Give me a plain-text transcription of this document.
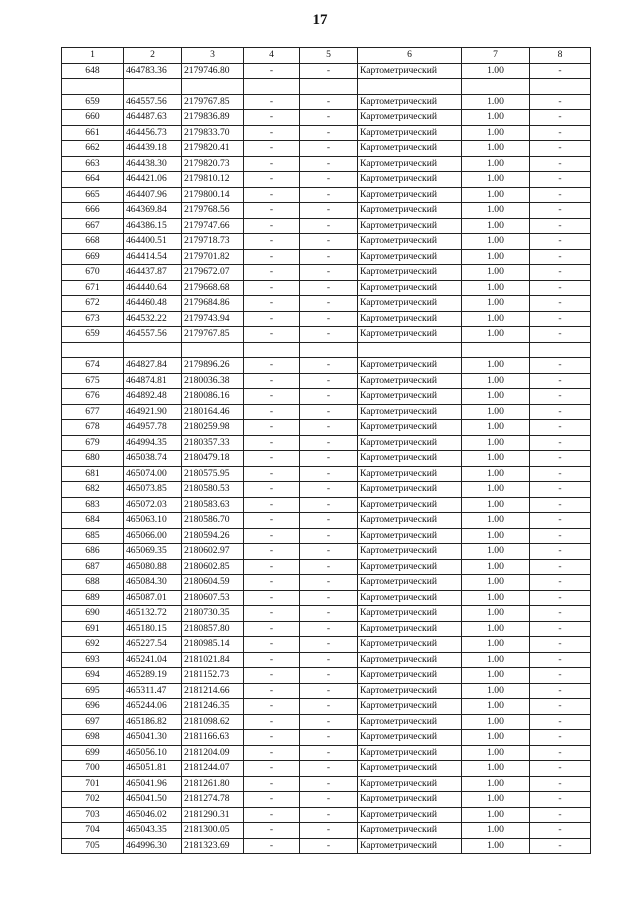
17
1	2	3	4	5	6	7	8
648	464783.36	2179746.80	-	-	Картометрический	1.00	-

659	464557.56	2179767.85	-	-	Картометрический	1.00	-
660	464487.63	2179836.89	-	-	Картометрический	1.00	-
661	464456.73	2179833.70	-	-	Картометрический	1.00	-
662	464439.18	2179820.41	-	-	Картометрический	1.00	-
663	464438.30	2179820.73	-	-	Картометрический	1.00	-
664	464421.06	2179810.12	-	-	Картометрический	1.00	-
665	464407.96	2179800.14	-	-	Картометрический	1.00	-
666	464369.84	2179768.56	-	-	Картометрический	1.00	-
667	464386.15	2179747.66	-	-	Картометрический	1.00	-
668	464400.51	2179718.73	-	-	Картометрический	1.00	-
669	464414.54	2179701.82	-	-	Картометрический	1.00	-
670	464437.87	2179672.07	-	-	Картометрический	1.00	-
671	464440.64	2179668.68	-	-	Картометрический	1.00	-
672	464460.48	2179684.86	-	-	Картометрический	1.00	-
673	464532.22	2179743.94	-	-	Картометрический	1.00	-
659	464557.56	2179767.85	-	-	Картометрический	1.00	-

674	464827.84	2179896.26	-	-	Картометрический	1.00	-
675	464874.81	2180036.38	-	-	Картометрический	1.00	-
676	464892.48	2180086.16	-	-	Картометрический	1.00	-
677	464921.90	2180164.46	-	-	Картометрический	1.00	-
678	464957.78	2180259.98	-	-	Картометрический	1.00	-
679	464994.35	2180357.33	-	-	Картометрический	1.00	-
680	465038.74	2180479.18	-	-	Картометрический	1.00	-
681	465074.00	2180575.95	-	-	Картометрический	1.00	-
682	465073.85	2180580.53	-	-	Картометрический	1.00	-
683	465072.03	2180583.63	-	-	Картометрический	1.00	-
684	465063.10	2180586.70	-	-	Картометрический	1.00	-
685	465066.00	2180594.26	-	-	Картометрический	1.00	-
686	465069.35	2180602.97	-	-	Картометрический	1.00	-
687	465080.88	2180602.85	-	-	Картометрический	1.00	-
688	465084.30	2180604.59	-	-	Картометрический	1.00	-
689	465087.01	2180607.53	-	-	Картометрический	1.00	-
690	465132.72	2180730.35	-	-	Картометрический	1.00	-
691	465180.15	2180857.80	-	-	Картометрический	1.00	-
692	465227.54	2180985.14	-	-	Картометрический	1.00	-
693	465241.04	2181021.84	-	-	Картометрический	1.00	-
694	465289.19	2181152.73	-	-	Картометрический	1.00	-
695	465311.47	2181214.66	-	-	Картометрический	1.00	-
696	465244.06	2181246.35	-	-	Картометрический	1.00	-
697	465186.82	2181098.62	-	-	Картометрический	1.00	-
698	465041.30	2181166.63	-	-	Картометрический	1.00	-
699	465056.10	2181204.09	-	-	Картометрический	1.00	-
700	465051.81	2181244.07	-	-	Картометрический	1.00	-
701	465041.96	2181261.80	-	-	Картометрический	1.00	-
702	465041.50	2181274.78	-	-	Картометрический	1.00	-
703	465046.02	2181290.31	-	-	Картометрический	1.00	-
704	465043.35	2181300.05	-	-	Картометрический	1.00	-
705	464996.30	2181323.69	-	-	Картометрический	1.00	-
